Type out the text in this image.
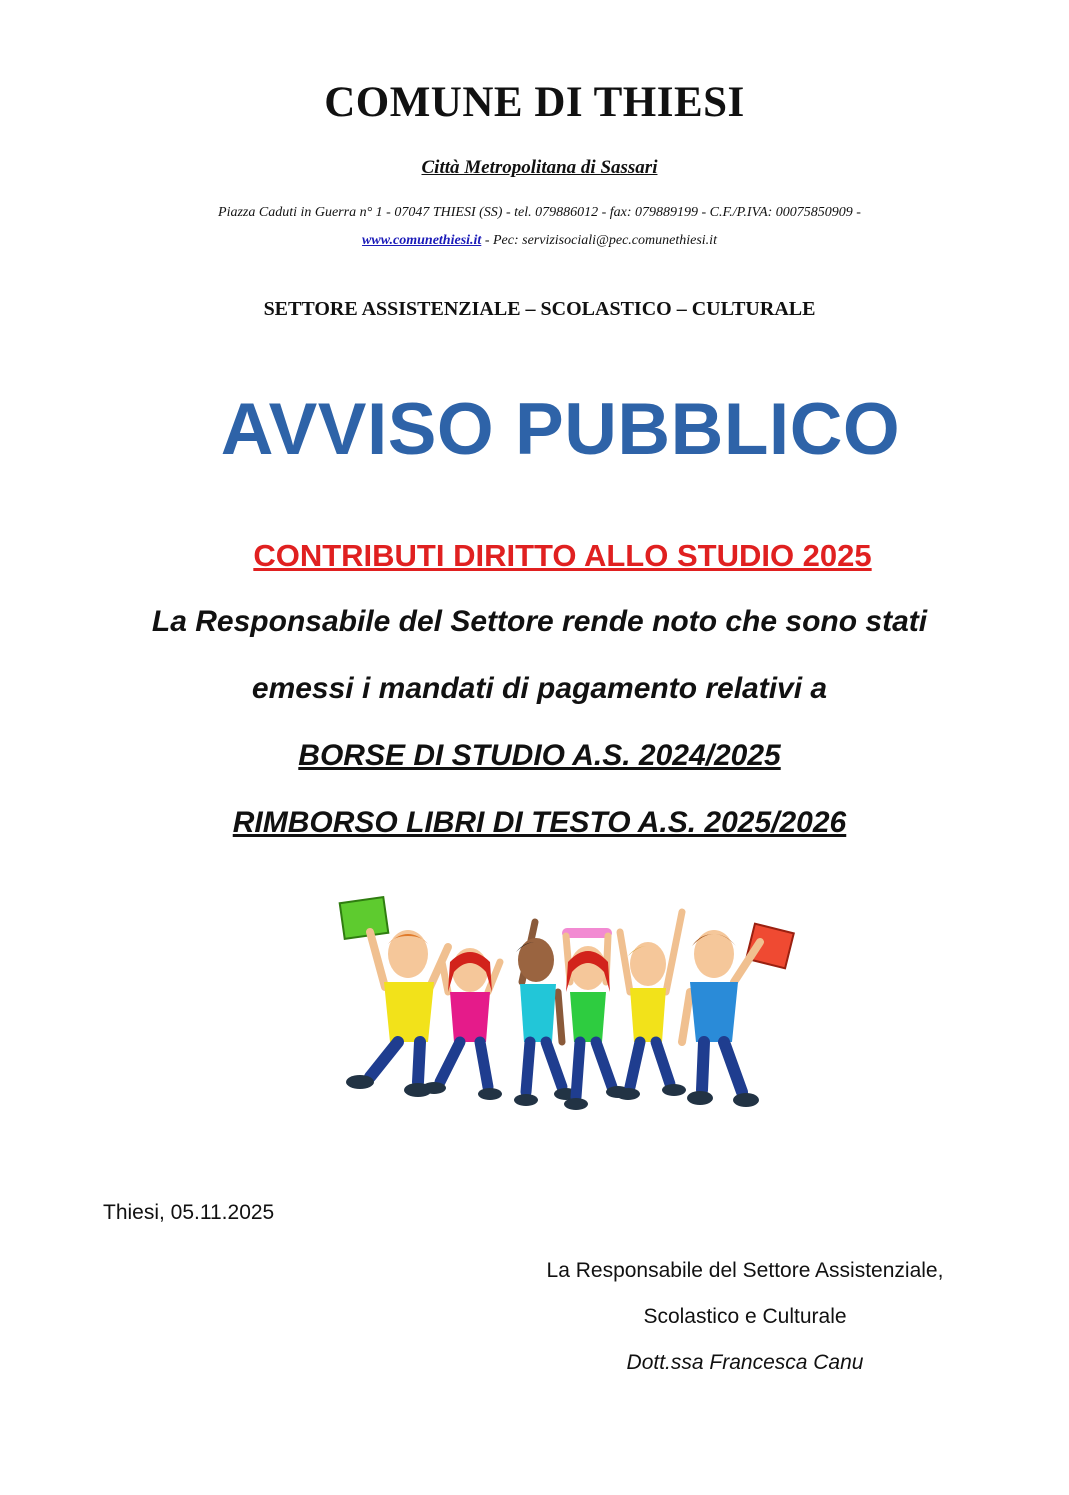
COMUNE DI THIESI
Città Metropolitana di Sassari
Piazza Caduti in Guerra n° 1 - 07047 THIESI (SS) - tel. 079886012 - fax: 079889199 - C.F./P.IVA: 00075850909 -
www.comunethiesi.it - Pec: servizisociali@pec.comunethiesi.it
SETTORE ASSISTENZIALE – SCOLASTICO – CULTURALE
AVVISO PUBBLICO
CONTRIBUTI DIRITTO ALLO STUDIO 2025
La Responsabile del Settore rende noto che sono stati
emessi i mandati di pagamento relativi a
BORSE DI STUDIO A.S. 2024/2025
RIMBORSO LIBRI DI TESTO A.S. 2025/2026
Thiesi, 05.11.2025
La Responsabile del Settore Assistenziale,
Scolastico e Culturale
Dott.ssa Francesca Canu
